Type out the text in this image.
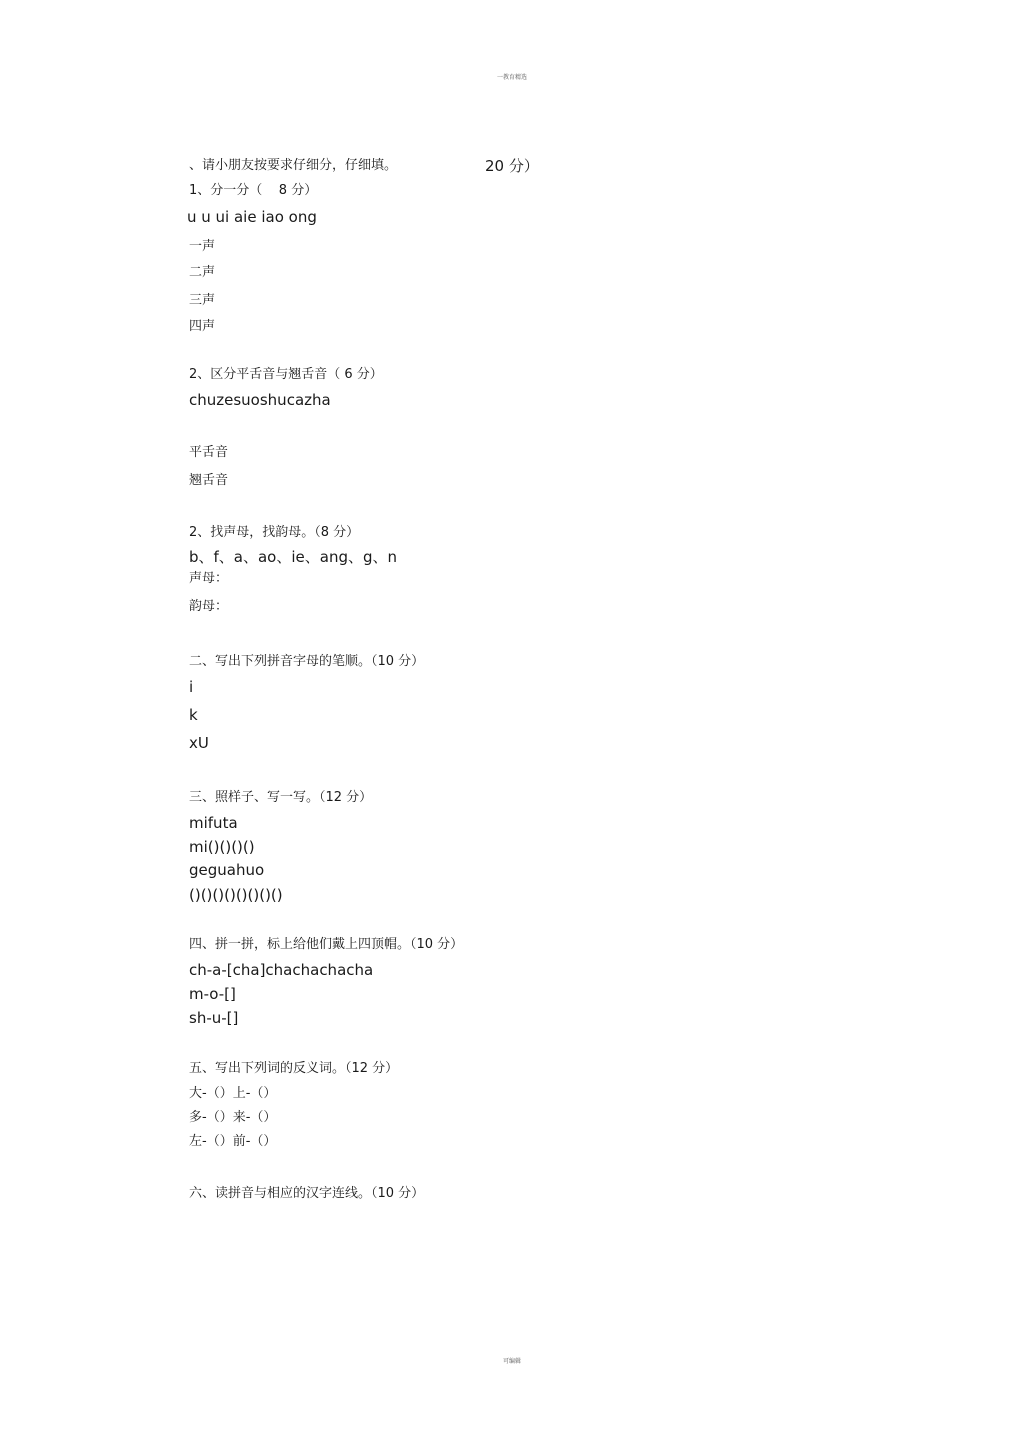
一教育精选
、请小朋友按要求仔细分，仔细填。	20 分）
1、分一分（    8 分）
u u ui aie iao ong
一声
二声
三声
四声
2、区分平舌音与翘舌音（ 6 分）
chuzesuoshucazha
平舌音
翘舌音
2、找声母，找韵母。（8 分）
b、f、a、ao、ie、ang、g、n
声母：
韵母：
二、写出下列拼音字母的笔顺。（10 分）
i
k
xU
三、照样子、写一写。（12 分）
mifuta
mi()()()()
geguahuo
()()()()()()()()
四、拼一拼，标上给他们戴上四顶帽。（10 分）
ch-a-[cha]chachachacha
m-o-[]
sh-u-[]
五、写出下列词的反义词。（12 分）
大-（）上-（）
多-（）来-（）
左-（）前-（）
六、读拼音与相应的汉字连线。（10 分）
可编辑
